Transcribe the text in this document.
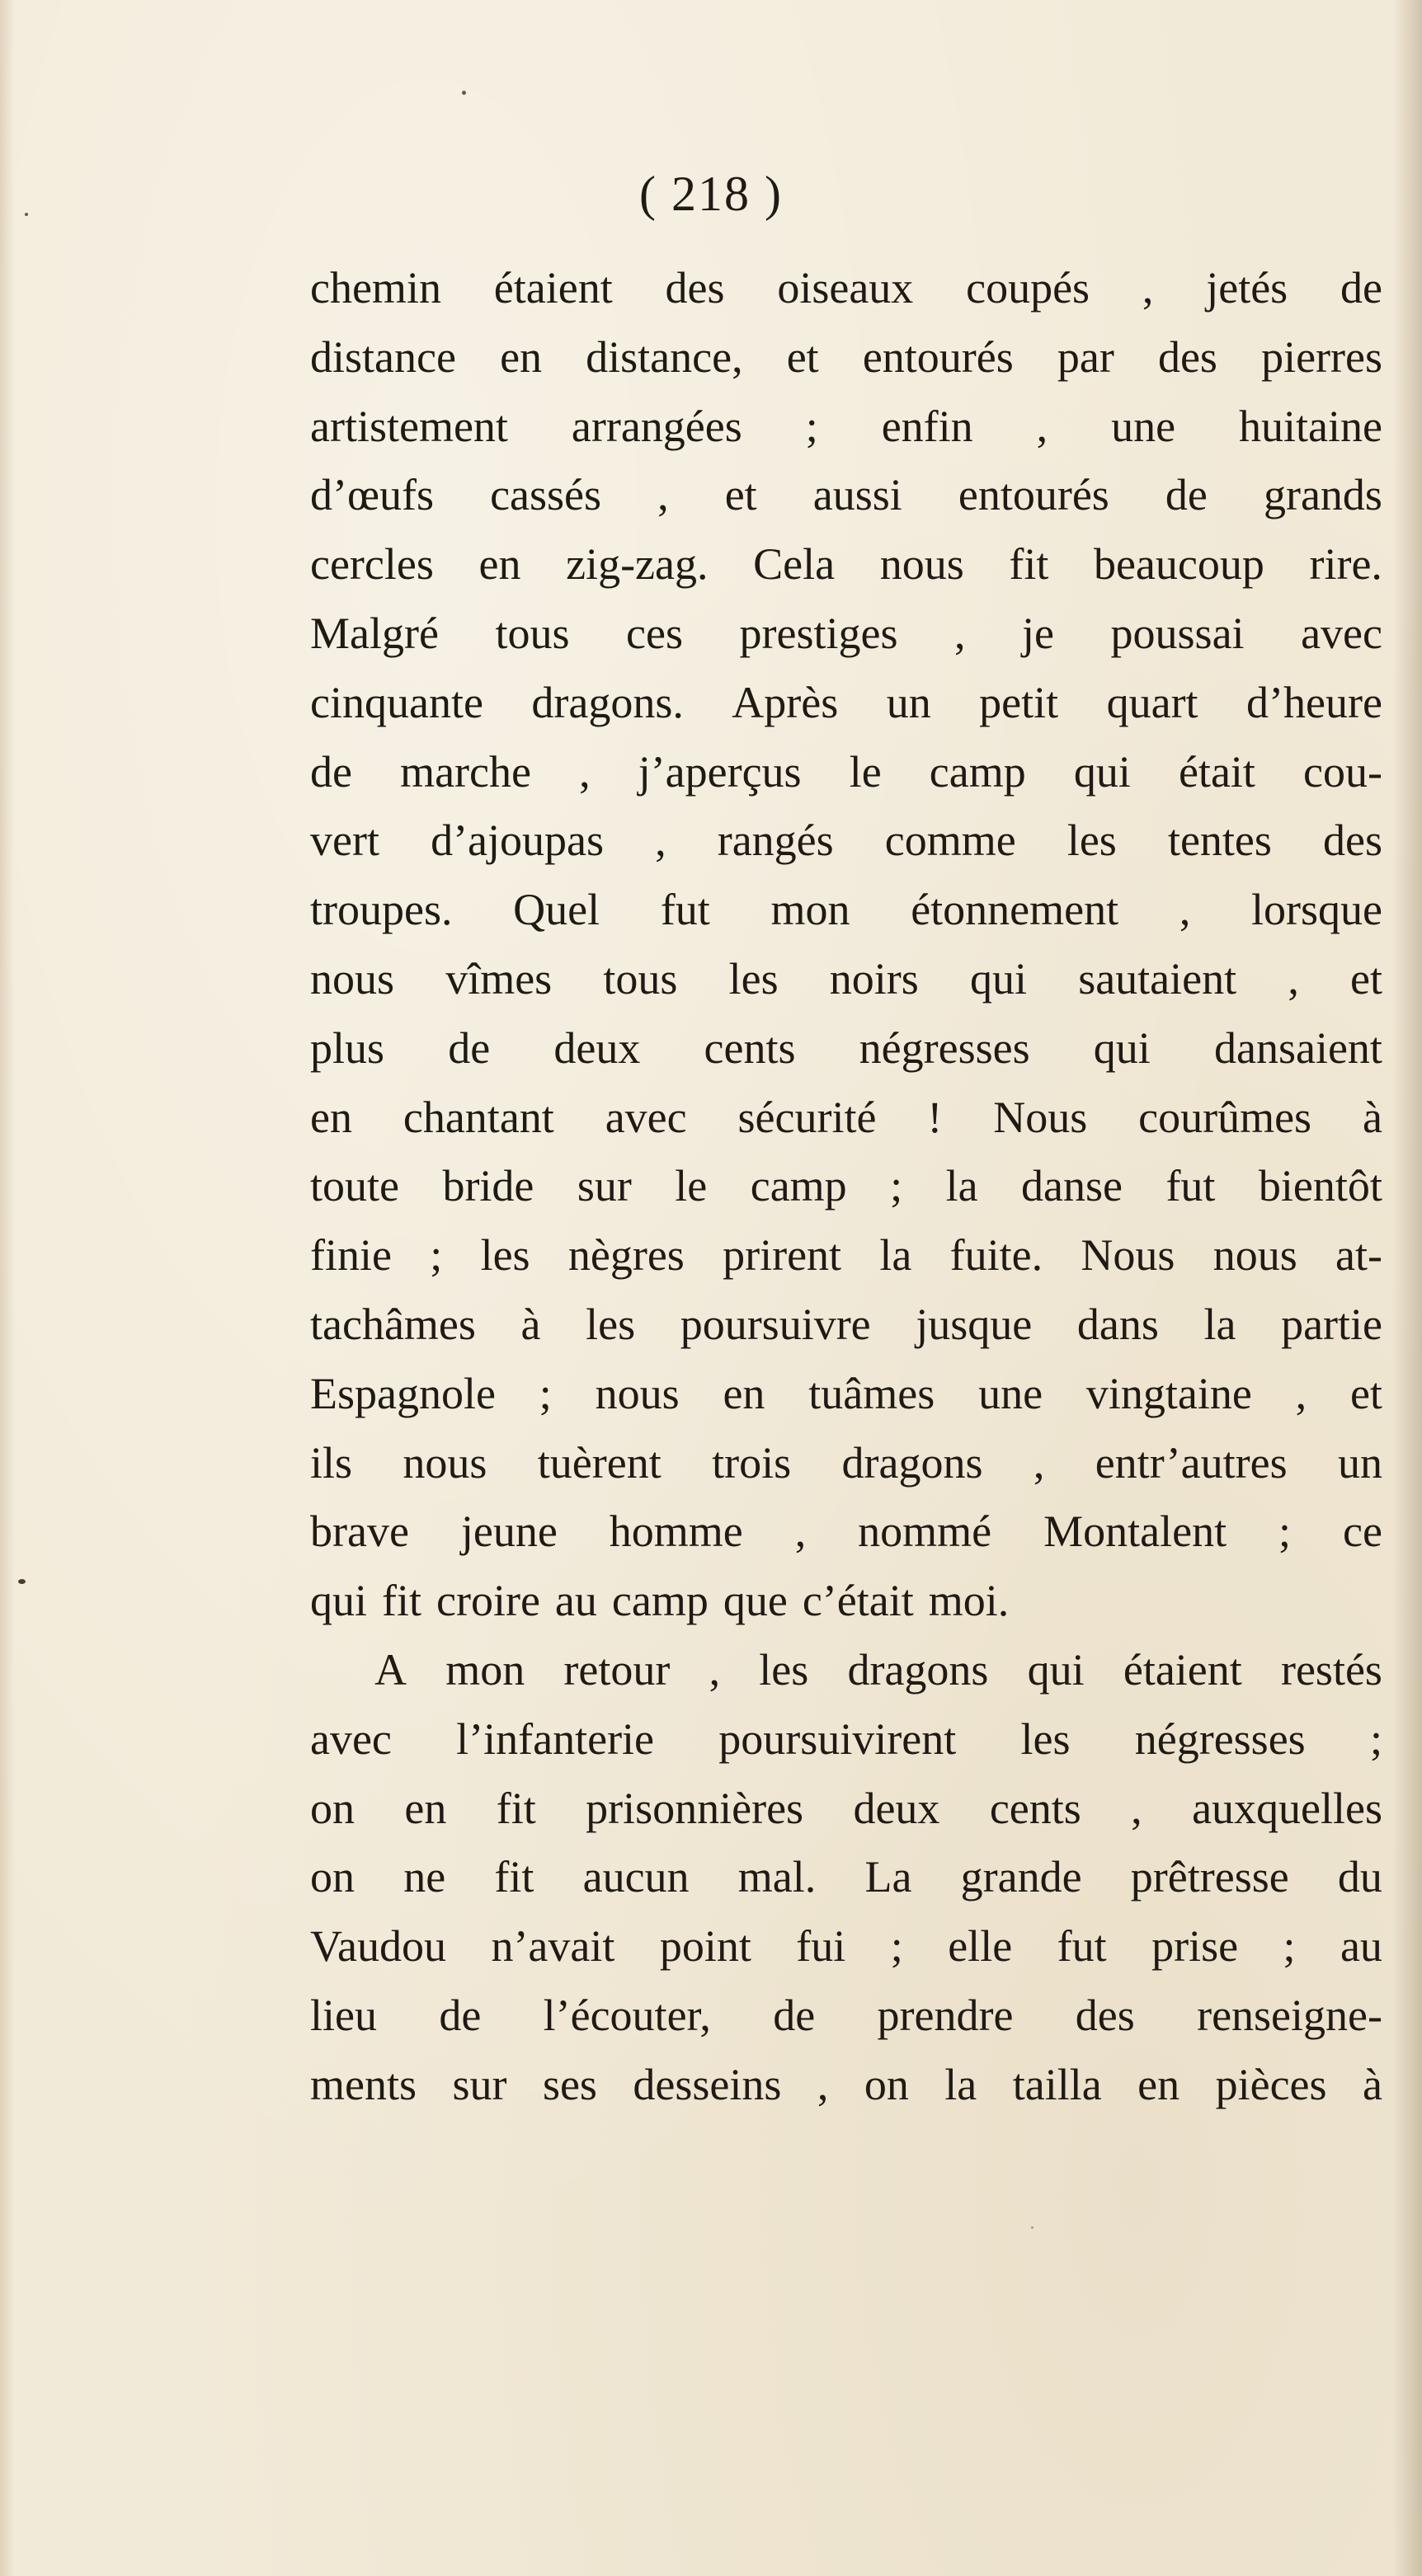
( 218 )
chemin étaient des oiseaux coupés , jetés de
distance en distance, et entourés par des pierres
artistement arrangées ; enfin , une huitaine
d’œufs cassés , et aussi entourés de grands
cercles en zig-zag. Cela nous fit beaucoup rire.
Malgré tous ces prestiges , je poussai avec
cinquante dragons. Après un petit quart d’heure
de marche , j’aperçus le camp qui était cou-
vert d’ajoupas , rangés comme les tentes des
troupes. Quel fut mon étonnement , lorsque
nous vîmes tous les noirs qui sautaient , et
plus de deux cents négresses qui dansaient
en chantant avec sécurité ! Nous courûmes à
toute bride sur le camp ; la danse fut bientôt
finie ; les nègres prirent la fuite. Nous nous at-
tachâmes à les poursuivre jusque dans la partie
Espagnole ; nous en tuâmes une vingtaine , et
ils nous tuèrent trois dragons , entr’autres un
brave jeune homme , nommé Montalent ; ce
qui fit croire au camp que c’était moi.
A mon retour , les dragons qui étaient restés
avec l’infanterie poursuivirent les négresses ;
on en fit prisonnières deux cents , auxquelles
on ne fit aucun mal. La grande prêtresse du
Vaudou n’avait point fui ; elle fut prise ; au
lieu de l’écouter, de prendre des renseigne-
ments sur ses desseins , on la tailla en pièces à
